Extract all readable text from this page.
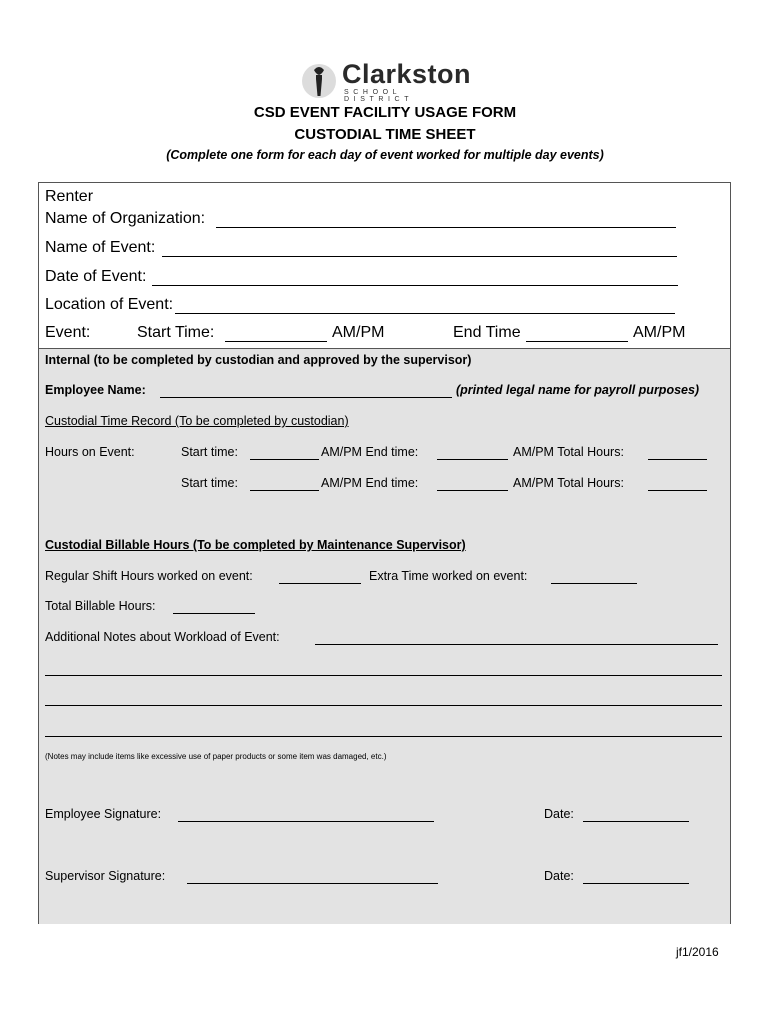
Clarkston
SCHOOL DISTRICT
CSD EVENT FACILITY USAGE FORM
CUSTODIAL TIME SHEET
(Complete one form for each day of event worked for multiple day events)
Renter
Name of Organization:
Name of Event:
Date of Event:
Location of Event:
Event:	Start Time:	AM/PM	End Time	AM/PM
Internal (to be completed by custodian and approved by the supervisor)
Employee Name:	(printed legal name for payroll purposes)
Custodial Time Record (To be completed by custodian)
Hours on Event:	Start time:	AM/PM End time:	AM/PM Total Hours:
Start time:	AM/PM End time:	AM/PM Total Hours:
Custodial Billable Hours (To be completed by Maintenance Supervisor)
Regular Shift Hours worked on event:	Extra Time worked on event:
Total Billable Hours:
Additional Notes about Workload of Event:
(Notes may include items like excessive use of paper products or some item was damaged, etc.)
Employee Signature:	Date:
Supervisor Signature:	Date:
jf1/2016
